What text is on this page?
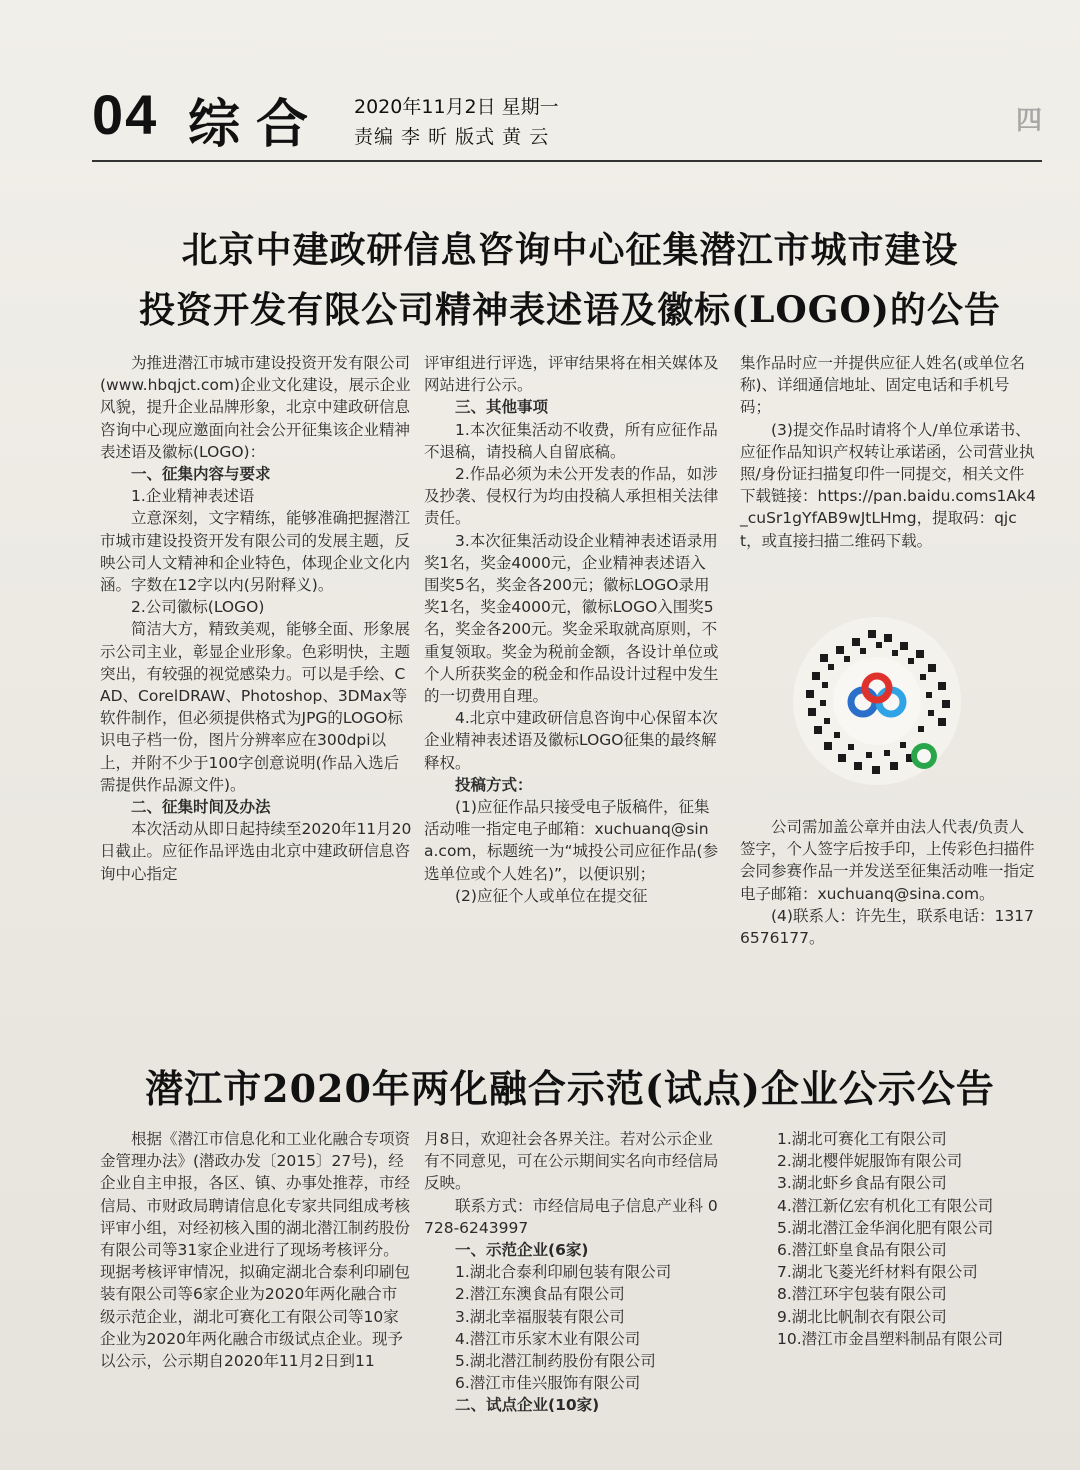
04 综合 2020年11月2日 星期一
责编 李 昕 版式 黄 云
四
北京中建政研信息咨询中心征集潜江市城市建设
投资开发有限公司精神表述语及徽标(LOGO)的公告

为推进潜江市城市建设投资开发有限公司(www.hbqjct.com)企业文化建设，展示企业风貌，提升企业品牌形象，北京中建政研信息咨询中心现应邀面向社会公开征集该企业精神表述语及徽标(LOGO)：

一、征集内容与要求

1.企业精神表述语

立意深刻，文字精练，能够准确把握潜江市城市建设投资开发有限公司的发展主题，反映公司人文精神和企业特色，体现企业文化内涵。字数在12字以内(另附释义)。

2.公司徽标(LOGO)

简洁大方，精致美观，能够全面、形象展示公司主业，彰显企业形象。色彩明快，主题突出，有较强的视觉感染力。可以是手绘、CAD、CorelDRAW、Photoshop、3DMax等软件制作，但必须提供格式为JPG的LOGO标识电子档一份，图片分辨率应在300dpi以上，并附不少于100字创意说明(作品入选后需提供作品源文件)。

二、征集时间及办法

本次活动从即日起持续至2020年11月20日截止。应征作品评选由北京中建政研信息咨询中心指定

评审组进行评选，评审结果将在相关媒体及网站进行公示。

三、其他事项

1.本次征集活动不收费，所有应征作品不退稿，请投稿人自留底稿。

2.作品必须为未公开发表的作品，如涉及抄袭、侵权行为均由投稿人承担相关法律责任。

3.本次征集活动设企业精神表述语录用奖1名，奖金4000元，企业精神表述语入围奖5名，奖金各200元；徽标LOGO录用奖1名，奖金4000元，徽标LOGO入围奖5名，奖金各200元。奖金采取就高原则，不重复领取。奖金为税前金额，各设计单位或个人所获奖金的税金和作品设计过程中发生的一切费用自理。

4.北京中建政研信息咨询中心保留本次企业精神表述语及徽标LOGO征集的最终解释权。

投稿方式：

(1)应征作品只接受电子版稿件，征集活动唯一指定电子邮箱：xuchuanq@sina.com，标题统一为“城投公司应征作品(参选单位或个人姓名)”，以便识别；

(2)应征个人或单位在提交征

集作品时应一并提供应征人姓名(或单位名称)、详细通信地址、固定电话和手机号码；

(3)提交作品时请将个人/单位承诺书、应征作品知识产权转让承诺函，公司营业执照/身份证扫描复印件一同提交，相关文件下载链接：https://pan.baidu.coms1Ak4_cuSr1gYfAB9wJtLHmg，提取码：qjct，或直接扫描二维码下载。

公司需加盖公章并由法人代表/负责人签字，个人签字后按手印，上传彩色扫描件会同参赛作品一并发送至征集活动唯一指定电子邮箱：xuchuanq@sina.com。

(4)联系人：许先生，联系电话：13176576177。

潜江市2020年两化融合示范(试点)企业公示公告

根据《潜江市信息化和工业化融合专项资金管理办法》(潜政办发〔2015〕27号)，经企业自主申报，各区、镇、办事处推荐，市经信局、市财政局聘请信息化专家共同组成考核评审小组，对经初核入围的湖北潜江制药股份有限公司等31家企业进行了现场考核评分。现据考核评审情况，拟确定湖北合泰利印刷包装有限公司等6家企业为2020年两化融合市级示范企业，湖北可赛化工有限公司等10家企业为2020年两化融合市级试点企业。现予以公示，公示期自2020年11月2日到11

月8日，欢迎社会各界关注。若对公示企业有不同意见，可在公示期间实名向市经信局反映。

联系方式：市经信局电子信息产业科 0728-6243997

一、示范企业(6家)

1.湖北合泰利印刷包装有限公司

2.潜江东澳食品有限公司

3.湖北幸福服装有限公司

4.潜江市乐家木业有限公司

5.湖北潜江制药股份有限公司

6.潜江市佳兴服饰有限公司

二、试点企业(10家)

1.湖北可赛化工有限公司

2.湖北樱伴妮服饰有限公司

3.湖北虾乡食品有限公司

4.潜江新亿宏有机化工有限公司

5.湖北潜江金华润化肥有限公司

6.潜江虾皇食品有限公司

7.湖北飞菱光纤材料有限公司

8.潜江环宇包装有限公司

9.湖北比帆制衣有限公司

10.潜江市金昌塑料制品有限公司
